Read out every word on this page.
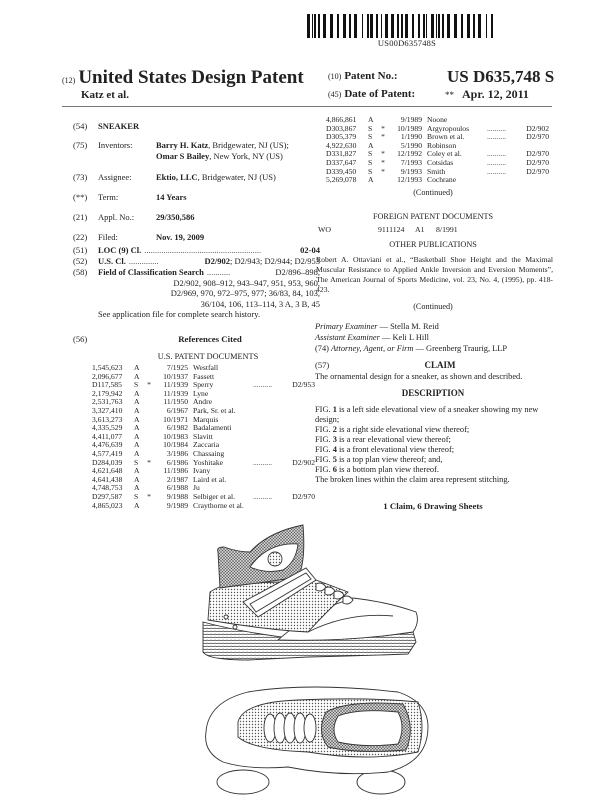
US00D635748S
(12) United States Design Patent
Katz et al.
(10) Patent No.:	US D635,748 S
(45) Date of Patent:	** Apr. 12, 2011
(54)	SNEAKER
(75)	Inventors:	Barry H. Katz, Bridgewater, NJ (US);
Omar S Bailey, New York, NY (US)
(73)	Assignee:	Ektio, LLC, Bridgewater, NJ (US)
(**)	Term:	14 Years
(21)	Appl. No.:	29/350,586
(22)	Filed:	Nov. 19, 2009
(51)	LOC (9) Cl. .......................................................	02-04
(52)	U.S. Cl. ..............	D2/902; D2/943; D2/944; D2/953
(58)	Field of Classification Search ...........	D2/896–898,
D2/902, 908–912, 943–947, 951, 953, 960,
D2/969, 970, 972–975, 977; 36/83, 84, 103,
36/104, 106, 113–114, 3 A, 3 B, 45
See application file for complete search history.
(56)	References Cited
U.S. PATENT DOCUMENTS
1,545,623	A		7/1925	Westfall		
2,096,677	A		10/1937	Fassett		
D117,585	S	*	11/1939	Sperry	..........	D2/953
2,179,942	A		11/1939	Lyne		
2,531,763	A		11/1950	Andre		
3,327,410	A		6/1967	Park, Sr. et al.		
3,613,273	A		10/1971	Marquis		
4,335,529	A		6/1982	Badalamenti		
4,411,077	A		10/1983	Slavitt		
4,476,639	A		10/1984	Zaccaria		
4,577,419	A		3/1986	Chassaing		
D284,039	S	*	6/1986	Yoshitake	..........	D2/902
4,621,648	A		11/1986	Ivany		
4,641,438	A		2/1987	Laird et al.		
4,748,753	A		6/1988	Ju		
D297,587	S	*	9/1988	Selbiger et al.	..........	D2/970
4,865,023	A		9/1989	Craythorne et al.		
4,866,861	A		9/1989	Noone		
D303,867	S	*	10/1989	Argyropoulos	..........	D2/902
D305,379	S	*	1/1990	Brown et al.	..........	D2/970
4,922,630	A		5/1990	Robinson		
D331,827	S	*	12/1992	Coley et al.	..........	D2/970
D337,647	S	*	7/1993	Cotsidas	..........	D2/970
D339,450	S	*	9/1993	Smith	..........	D2/970
5,269,078	A		12/1993	Cochrane		
(Continued)
FOREIGN PATENT DOCUMENTS
WO	9111124 A1 8/1991
OTHER PUBLICATIONS
Robert A. Ottaviani et al., “Basketball Shoe Height and the Maximal Muscular Resistance to Applied Ankle Inversion and Eversion Moments”, The American Journal of Sports Medicine, vol. 23, No. 4, (1995), pp. 418-423.
(Continued)
Primary Examiner — Stella M. Reid
Assistant Examiner — Keli L Hill
(74) Attorney, Agent, or Firm — Greenberg Traurig, LLP
(57)	CLAIM
The ornamental design for a sneaker, as shown and described.
DESCRIPTION
FIG. 1 is a left side elevational view of a sneaker showing my new design;
FIG. 2 is a right side elevational view thereof;
FIG. 3 is a rear elevational view thereof;
FIG. 4 is a front elevational view thereof;
FIG. 5 is a top plan view thereof; and,
FIG. 6 is a bottom plan view thereof.
The broken lines within the claim area represent stitching.
1 Claim, 6 Drawing Sheets
